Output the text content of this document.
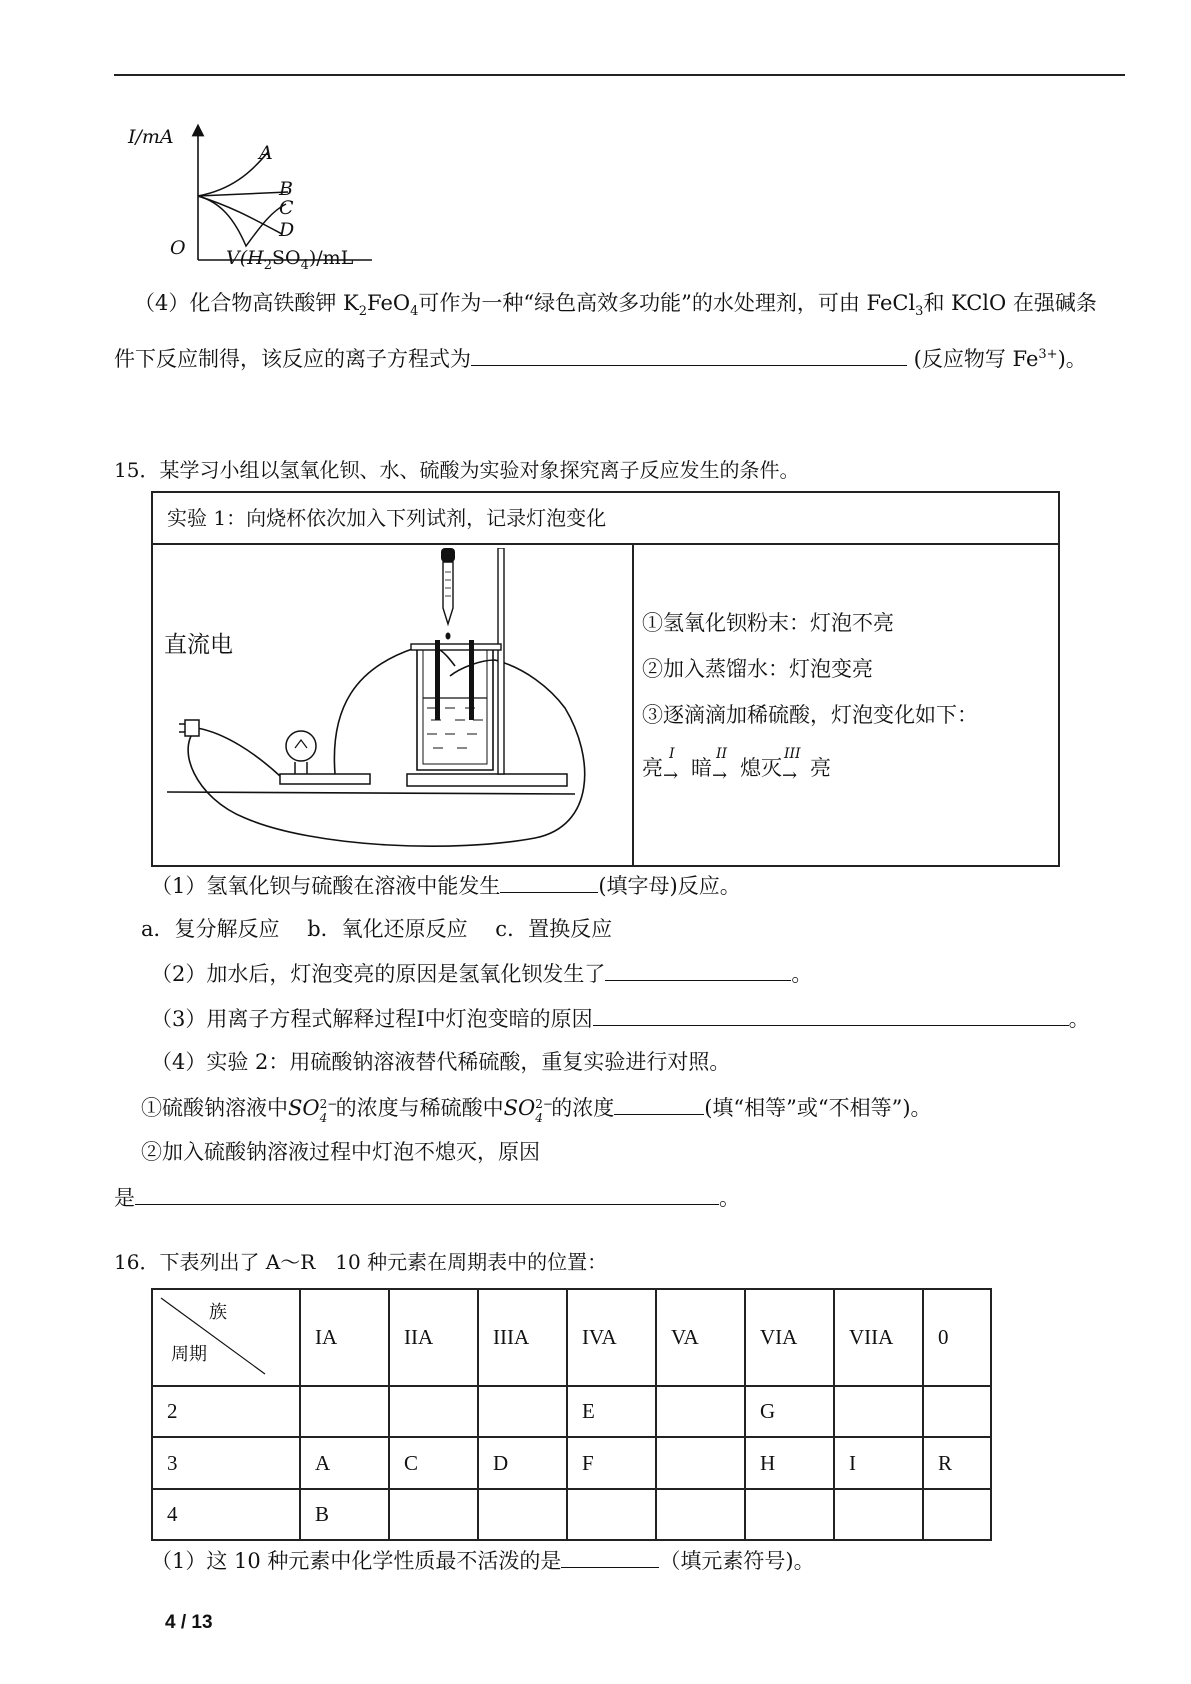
I/mA
A
B
C
D
O $V(H_2SO_4)/mL$
（4）化合物高铁酸钾 $K_2FeO_4$可作为一种“绿色高效多功能”的水处理剂，可由 FeCl$_3$和 KClO 在强碱条
件下反应制得，该反应的离子方程式为	(反应物写 $Fe^{3+}$)。
15．某学习小组以氢氧化钡、水、硫酸为实验对象探究离子反应发生的条件。
实验 1：向烧杯依次加入下列试剂，记录灯泡变化
直流电
①氢氧化钡粉末：灯泡不亮
②加入蒸馏水：灯泡变亮
③逐滴滴加稀硫酸，灯泡变化如下：
亮
I
→ 暗
II
→ 熄灭
III
→ 亮
（1）氢氧化钡与硫酸在溶液中能发生	(填字母)反应。
a．复分解反应　 b．氧化还原反应　 c．置换反应
（2）加水后，灯泡变亮的原因是氢氧化钡发生了	。
（3）用离子方程式解释过程I中灯泡变暗的原因	。
（4）实验 2：用硫酸钠溶液替代稀硫酸，重复实验进行对照。
①硫酸钠溶液中SO 2−
4 的浓度与稀硫酸中SO 2−
4 的浓度	(填“相等”或“不相等”)。
②加入硫酸钠溶液过程中灯泡不熄灭，原因
是	。
16．下表列出了 A～R　10 种元素在周期表中的位置：
族
周期	IA	IIA	IIIA	IVA	VA	VIA	VIIA	0
2				E		G		
3	A	C	D	F		H	I	R
4	B							
（1）这 10 种元素中化学性质最不活泼的是	（填元素符号)。
4 / 13
